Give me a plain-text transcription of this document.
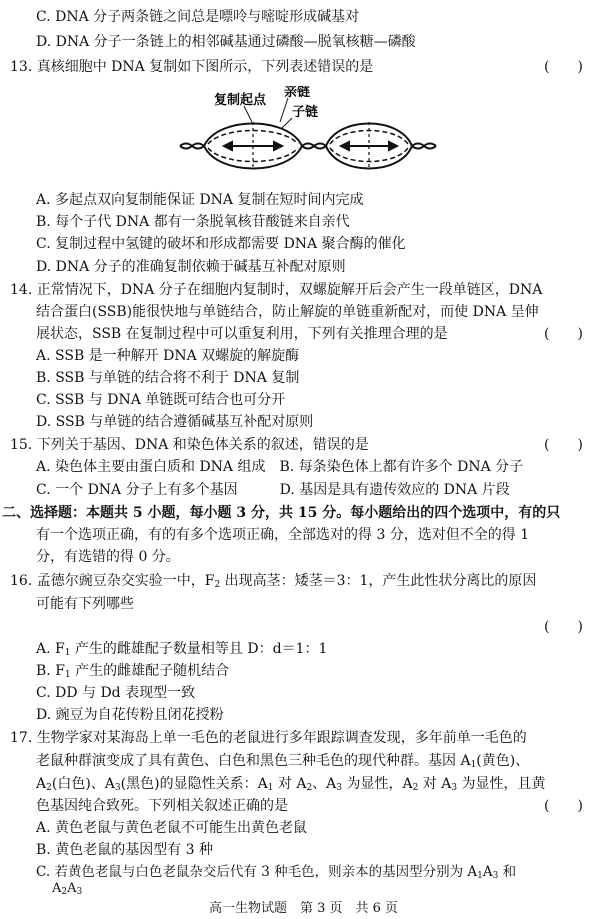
C. DNA 分子两条链之间总是嘌呤与嘧啶形成碱基对
D. DNA 分子一条链上的相邻碱基通过磷酸—脱氧核糖—磷酸
13. 真核细胞中 DNA 复制如下图所示，下列表述错误的是	(　　)
复制起点
亲链
子链
A. 多起点双向复制能保证 DNA 复制在短时间内完成
B. 每个子代 DNA 都有一条脱氧核苷酸链来自亲代
C. 复制过程中氢键的破坏和形成都需要 DNA 聚合酶的催化
D. DNA 分子的准确复制依赖于碱基互补配对原则
14. 正常情况下，DNA 分子在细胞内复制时，双螺旋解开后会产生一段单链区，DNA
结合蛋白(SSB)能很快地与单链结合，防止解旋的单链重新配对，而使 DNA 呈伸
展状态，SSB 在复制过程中可以重复利用，下列有关推理合理的是	(　　)
A. SSB 是一种解开 DNA 双螺旋的解旋酶
B. SSB 与单链的结合将不利于 DNA 复制
C. SSB 与 DNA 单链既可结合也可分开
D. SSB 与单链的结合遵循碱基互补配对原则
15. 下列关于基因、DNA 和染色体关系的叙述，错误的是	(　　)
A. 染色体主要由蛋白质和 DNA 组成　B. 每条染色体上都有许多个 DNA 分子
C. 一个 DNA 分子上有多个基因　　　D. 基因是具有遗传效应的 DNA 片段
二、选择题：本题共 5 小题，每小题 3 分，共 15 分。每小题给出的四个选项中，有的只
有一个选项正确，有的有多个选项正确，全部选对的得 3 分，选对但不全的得 1
分，有选错的得 0 分。
16. 孟德尔豌豆杂交实验一中，$F_2$ 出现高茎：矮茎＝3：1，产生此性状分离比的原因
可能有下列哪些
(　　)
A. $F_1$ 产生的雌雄配子数量相等且 D：d＝1：1
B. $F_1$ 产生的雌雄配子随机结合
C. DD 与 Dd 表现型一致
D. 豌豆为自花传粉且闭花授粉
17. 生物学家对某海岛上单一毛色的老鼠进行多年跟踪调查发现，多年前单一毛色的
老鼠种群演变成了具有黄色、白色和黑色三种毛色的现代种群。基因 $A_1$(黄色)、
$A_2$(白色)、$A_3$(黑色)的显隐性关系：$A_1$ 对 $A_2$、$A_3$ 为显性，$A_2$ 对 $A_3$ 为显性，且黄
色基因纯合致死。下列相关叙述正确的是	(　　)
A. 黄色老鼠与黄色老鼠不可能生出黄色老鼠
B. 黄色老鼠的基因型有 3 种
C. 若黄色老鼠与白色老鼠杂交后代有 3 种毛色，则亲本的基因型分别为 $A_1A_3$ 和
$A_2A_3$
高一生物试题　第 3 页　共 6 页
